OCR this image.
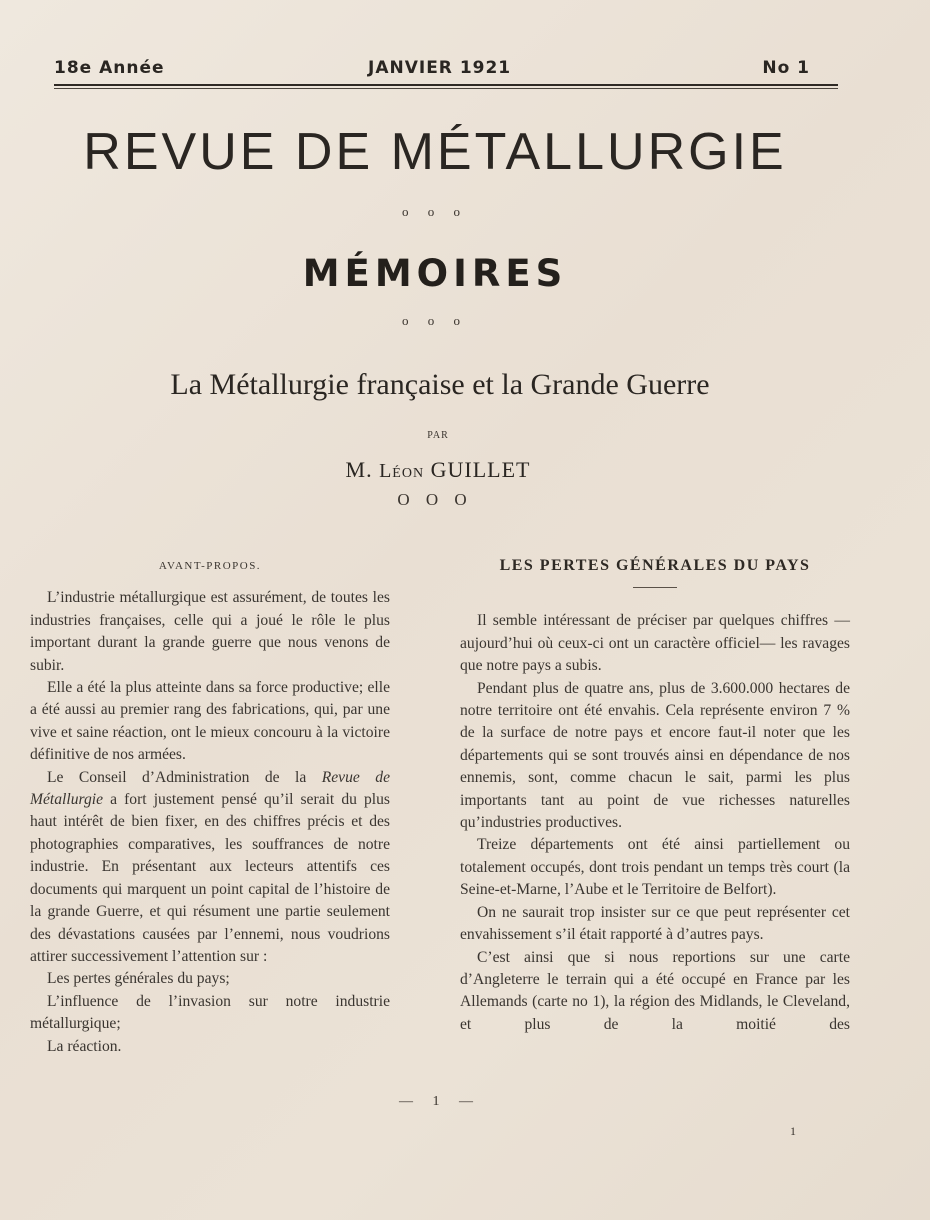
18e Année	JANVIER 1921	No 1
REVUE DE MÉTALLURGIE
o o o
MÉMOIRES
o o o
La Métallurgie française et la Grande Guerre
PAR
M. Léon GUILLET
O O O

AVANT-PROPOS.

L’industrie métallurgique est assurément, de toutes les industries françaises, celle qui a joué le rôle le plus important durant la grande guerre que nous venons de subir.

Elle a été la plus atteinte dans sa force productive; elle a été aussi au premier rang des fabrications, qui, par une vive et saine réaction, ont le mieux concouru à la victoire définitive de nos armées.

Le Conseil d’Administration de la Revue de Métallurgie a fort justement pensé qu’il serait du plus haut intérêt de bien fixer, en des chiffres précis et des photographies comparatives, les souffrances de notre industrie. En présentant aux lecteurs attentifs ces documents qui marquent un point capital de l’histoire de la grande Guerre, et qui résument une partie seulement des dévastations causées par l’ennemi, nous voudrions attirer successivement l’attention sur :

Les pertes générales du pays;

L’influence de l’invasion sur notre industrie

métallurgique;

La réaction.

LES PERTES GÉNÉRALES DU PAYS

Il semble intéressant de préciser par quelques chiffres — aujourd’hui où ceux-ci ont un caractère officiel— les ravages que notre pays a subis.

Pendant plus de quatre ans, plus de 3.600.000 hectares de notre territoire ont été envahis. Cela représente environ 7 % de la surface de notre pays et encore faut-il noter que les départements qui se sont trouvés ainsi en dépendance de nos ennemis, sont, comme chacun le sait, parmi les plus importants tant au point de vue richesses naturelles qu’industries productives.

Treize départements ont été ainsi partiellement ou totalement occupés, dont trois pendant un temps très court (la Seine-et-Marne, l’Aube et le Territoire de Belfort).

On ne saurait trop insister sur ce que peut représenter cet envahissement s’il était rapporté à d’autres pays.

C’est ainsi que si nous reportions sur une carte d’Angleterre le terrain qui a été occupé en France par les Allemands (carte no 1), la région des Midlands, le Cleveland, et plus de la moitié des

— 1 —
1
